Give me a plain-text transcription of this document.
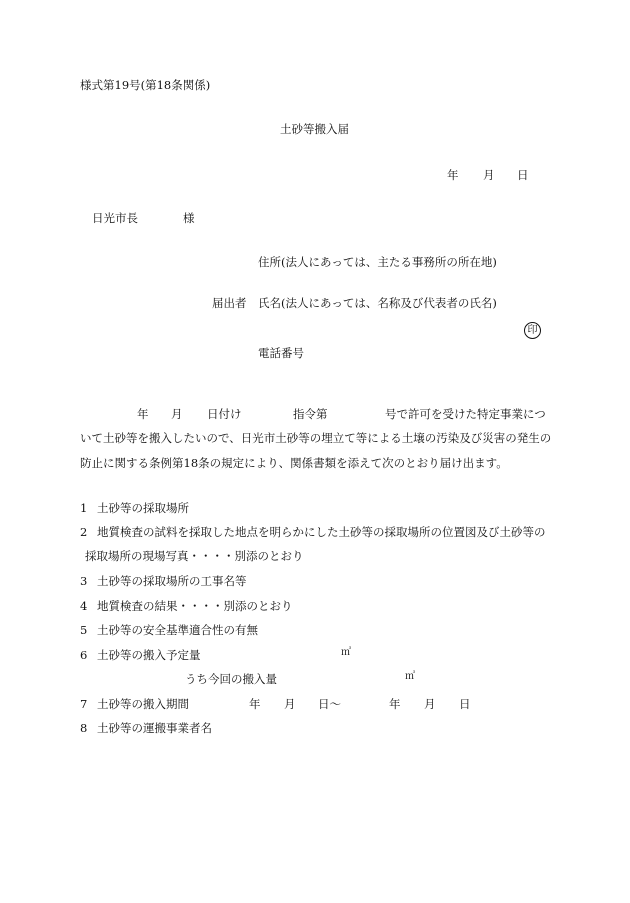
様式第19号(第18条関係)
土砂等搬入届
年 月 日
日光市長	様
住所(法人にあっては、主たる事務所の所在地)
届出者 氏名(法人にあっては、名称及び代表者の氏名)
印
電話番号
年 月 日付け	指令第	号で許可を受けた特定事業につ
いて土砂等を搬入したいので、日光市土砂等の埋立て等による土壌の汚染及び災害の発生の
防止に関する条例第18条の規定により、関係書類を添えて次のとおり届け出ます。
1 土砂等の採取場所
2 地質検査の試料を採取した地点を明らかにした土砂等の採取場所の位置図及び土砂等の
採取場所の現場写真・・・・別添のとおり
3 土砂等の採取場所の工事名等
4 地質検査の結果・・・・別添のとおり
5 土砂等の安全基準適合性の有無
6 土砂等の搬入予定量	㎥
うち今回の搬入量	㎥
7 土砂等の搬入期間	年 月 日〜	年 月 日
8 土砂等の運搬事業者名
